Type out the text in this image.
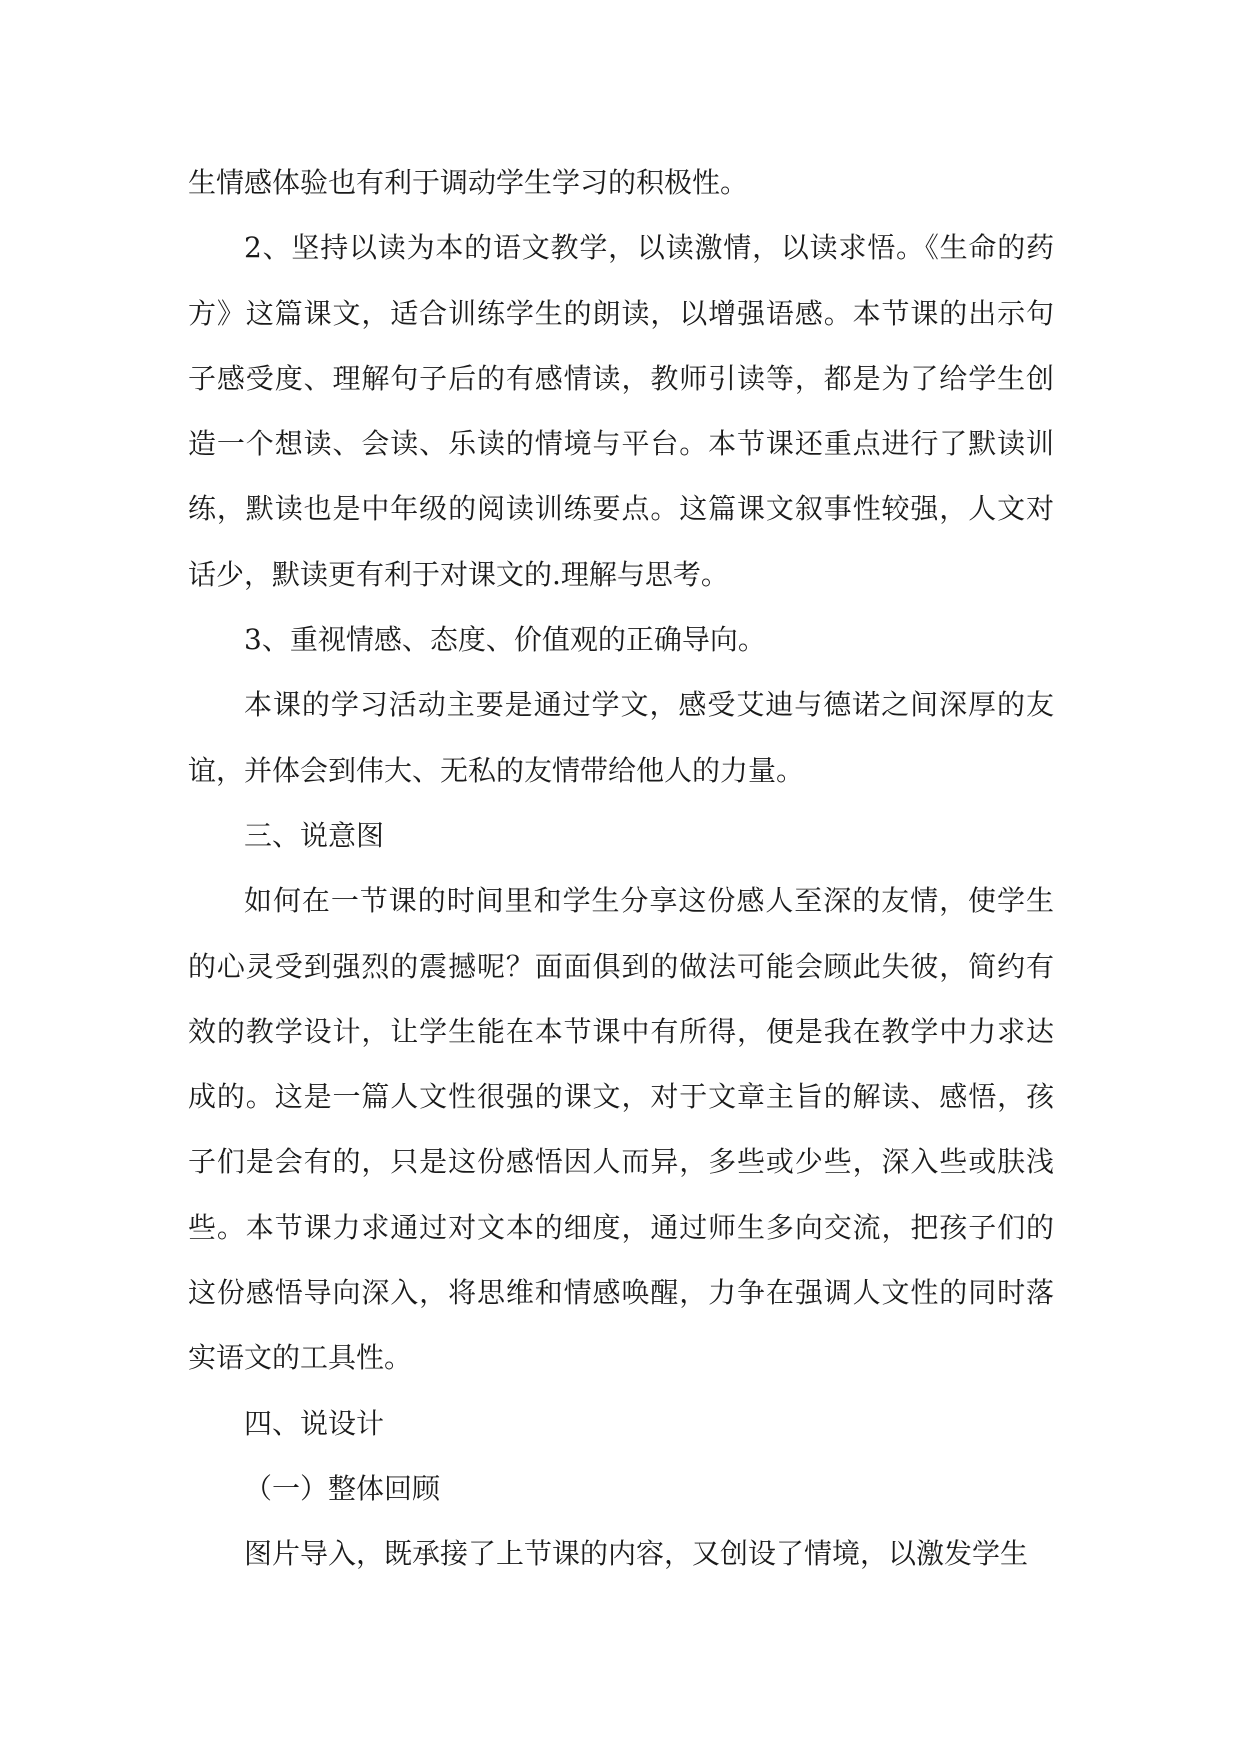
生情感体验也有利于调动学生学习的积极性。

2、坚持以读为本的语文教学，以读激情，以读求悟。《生命的药方》这篇课文，适合训练学生的朗读，以增强语感。本节课的出示句子感受度、理解句子后的有感情读，教师引读等，都是为了给学生创造一个想读、会读、乐读的情境与平台。本节课还重点进行了默读训练，默读也是中年级的阅读训练要点。这篇课文叙事性较强，人文对话少，默读更有利于对课文的.理解与思考。

3、重视情感、态度、价值观的正确导向。

本课的学习活动主要是通过学文，感受艾迪与德诺之间深厚的友谊，并体会到伟大、无私的友情带给他人的力量。

三、说意图

如何在一节课的时间里和学生分享这份感人至深的友情，使学生的心灵受到强烈的震撼呢？面面俱到的做法可能会顾此失彼，简约有效的教学设计，让学生能在本节课中有所得，便是我在教学中力求达成的。这是一篇人文性很强的课文，对于文章主旨的解读、感悟，孩子们是会有的，只是这份感悟因人而异，多些或少些，深入些或肤浅些。本节课力求通过对文本的细度，通过师生多向交流，把孩子们的这份感悟导向深入，将思维和情感唤醒，力争在强调人文性的同时落实语文的工具性。

四、说设计

（一）整体回顾

图片导入，既承接了上节课的内容，又创设了情境，以激发学生
